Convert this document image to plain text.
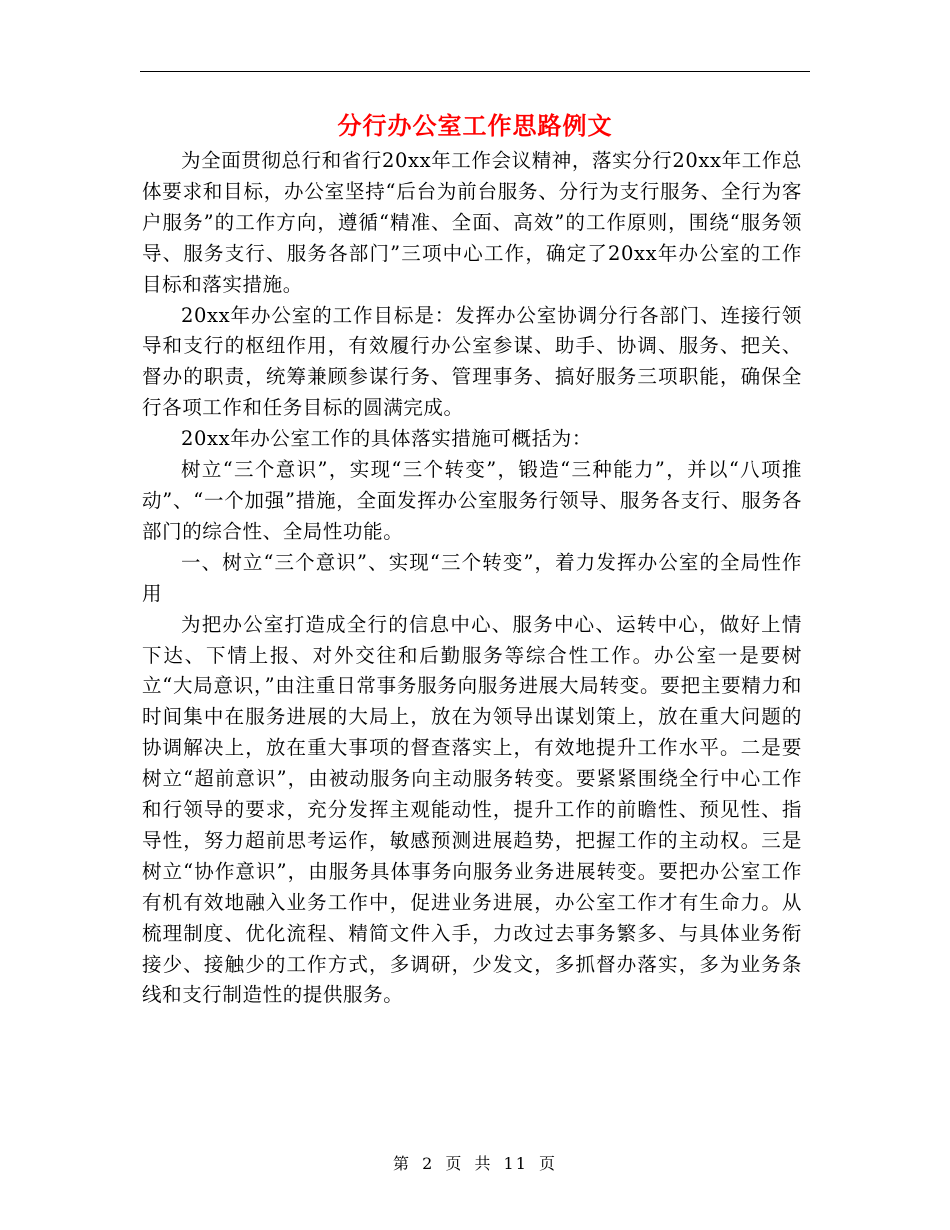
分行办公室工作思路例文

为全面贯彻总行和省行20xx年工作会议精神，落实分行20xx年工作总体要求和目标，办公室坚持“后台为前台服务、分行为支行服务、全行为客户服务”的工作方向，遵循“精准、全面、高效”的工作原则，围绕“服务领导、服务支行、服务各部门”三项中心工作，确定了20xx年办公室的工作目标和落实措施。

20xx年办公室的工作目标是：发挥办公室协调分行各部门、连接行领导和支行的枢纽作用，有效履行办公室参谋、助手、协调、服务、把关、督办的职责，统筹兼顾参谋行务、管理事务、搞好服务三项职能，确保全行各项工作和任务目标的圆满完成。

20xx年办公室工作的具体落实措施可概括为：

树立“三个意识”，实现“三个转变”，锻造“三种能力”，并以“八项推动”、“一个加强”措施，全面发挥办公室服务行领导、服务各支行、服务各部门的综合性、全局性功能。

一、树立“三个意识”、实现“三个转变”，着力发挥办公室的全局性作用

为把办公室打造成全行的信息中心、服务中心、运转中心，做好上情下达、下情上报、对外交往和后勤服务等综合性工作。办公室一是要树立“大局意识，”由注重日常事务服务向服务进展大局转变。要把主要精力和时间集中在服务进展的大局上，放在为领导出谋划策上，放在重大问题的协调解决上，放在重大事项的督查落实上，有效地提升工作水平。二是要树立“超前意识”，由被动服务向主动服务转变。要紧紧围绕全行中心工作和行领导的要求，充分发挥主观能动性，提升工作的前瞻性、预见性、指导性，努力超前思考运作，敏感预测进展趋势，把握工作的主动权。三是树立“协作意识”，由服务具体事务向服务业务进展转变。要把办公室工作有机有效地融入业务工作中，促进业务进展，办公室工作才有生命力。从梳理制度、优化流程、精简文件入手，力改过去事务繁多、与具体业务衔接少、接触少的工作方式，多调研，少发文，多抓督办落实，多为业务条线和支行制造性的提供服务。

第 2 页 共 11 页
